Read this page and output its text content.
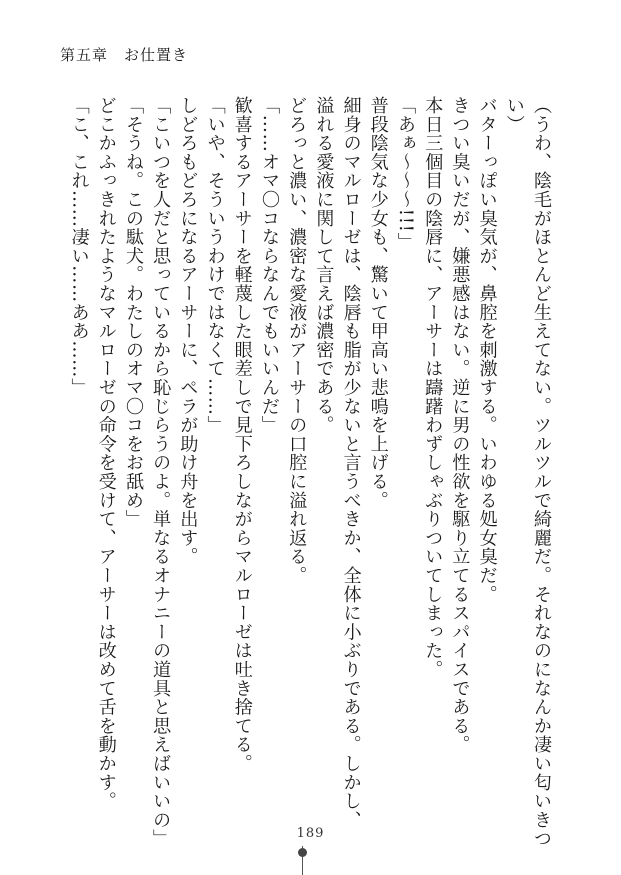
第五章　お仕置き
（うわ、陰毛がほとんど生えてない。ツルツルで綺麗だ。それなのになんか凄い匂いきつ
い）
バターっぽい臭気が、鼻腔を刺激する。いわゆる処女臭だ。
きつい臭いだが、嫌悪感はない。逆に男の性欲を駆り立てるスパイスである。
本日三個目の陰唇に、アーサーは躊躇わずしゃぶりついてしまった。
「あぁ～～～!!!」
普段陰気な少女も、驚いて甲高い悲鳴を上げる。
細身のマルローゼは、陰唇も脂が少ないと言うべきか、全体に小ぶりである。しかし、
溢れる愛液に関して言えば濃密である。
どろっと濃い、濃密な愛液がアーサーの口腔に溢れ返る。
「……オマ〇コならなんでもいいんだ」
歓喜するアーサーを軽蔑した眼差しで見下ろしながらマルローゼは吐き捨てる。
「いや、そういうわけではなくて……」
しどろもどろになるアーサーに、ペラが助け舟を出す。
「こいつを人だと思っているから恥じらうのよ。単なるオナニーの道具と思えばいいの」
「そうね。この駄犬。わたしのオマ〇コをお舐め」
どこかふっきれたようなマルローゼの命令を受けて、アーサーは改めて舌を動かす。
「こ、これ……凄い……ああ……」
189
